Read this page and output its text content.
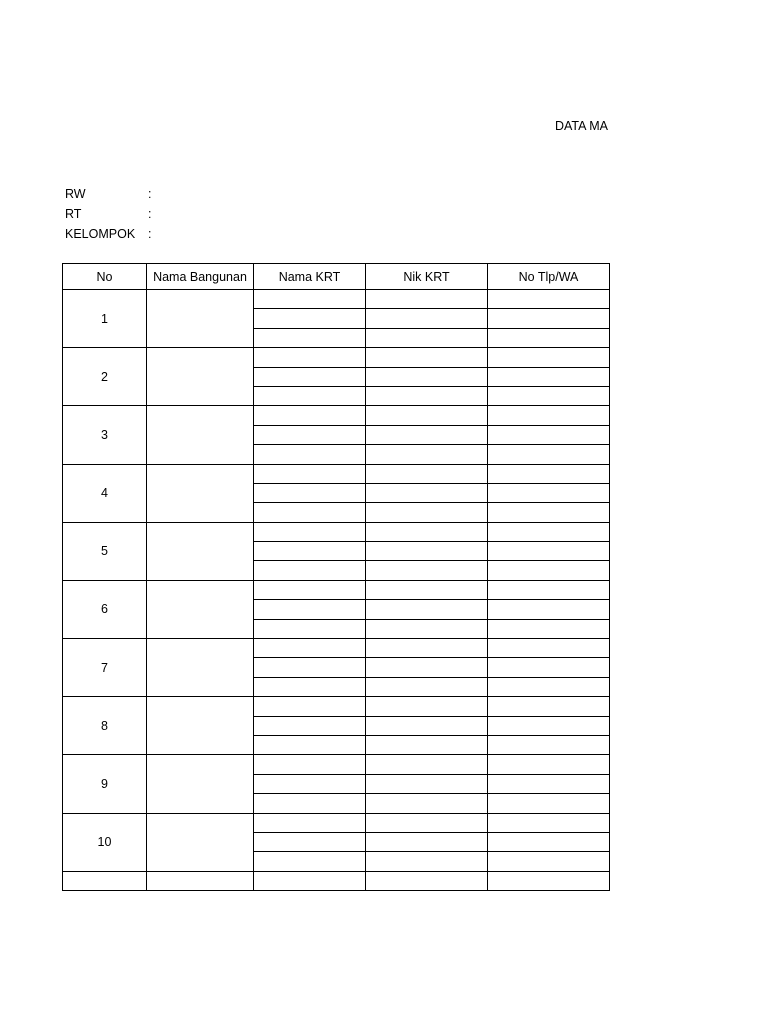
DATA MA
RW	:
RT	:
KELOMPOK :
No	Nama Bangunan	Nama KRT	Nik KRT	No Tlp/WA
1				

2				

3				

4				

5				

6				

7				

8				

9				

10				
